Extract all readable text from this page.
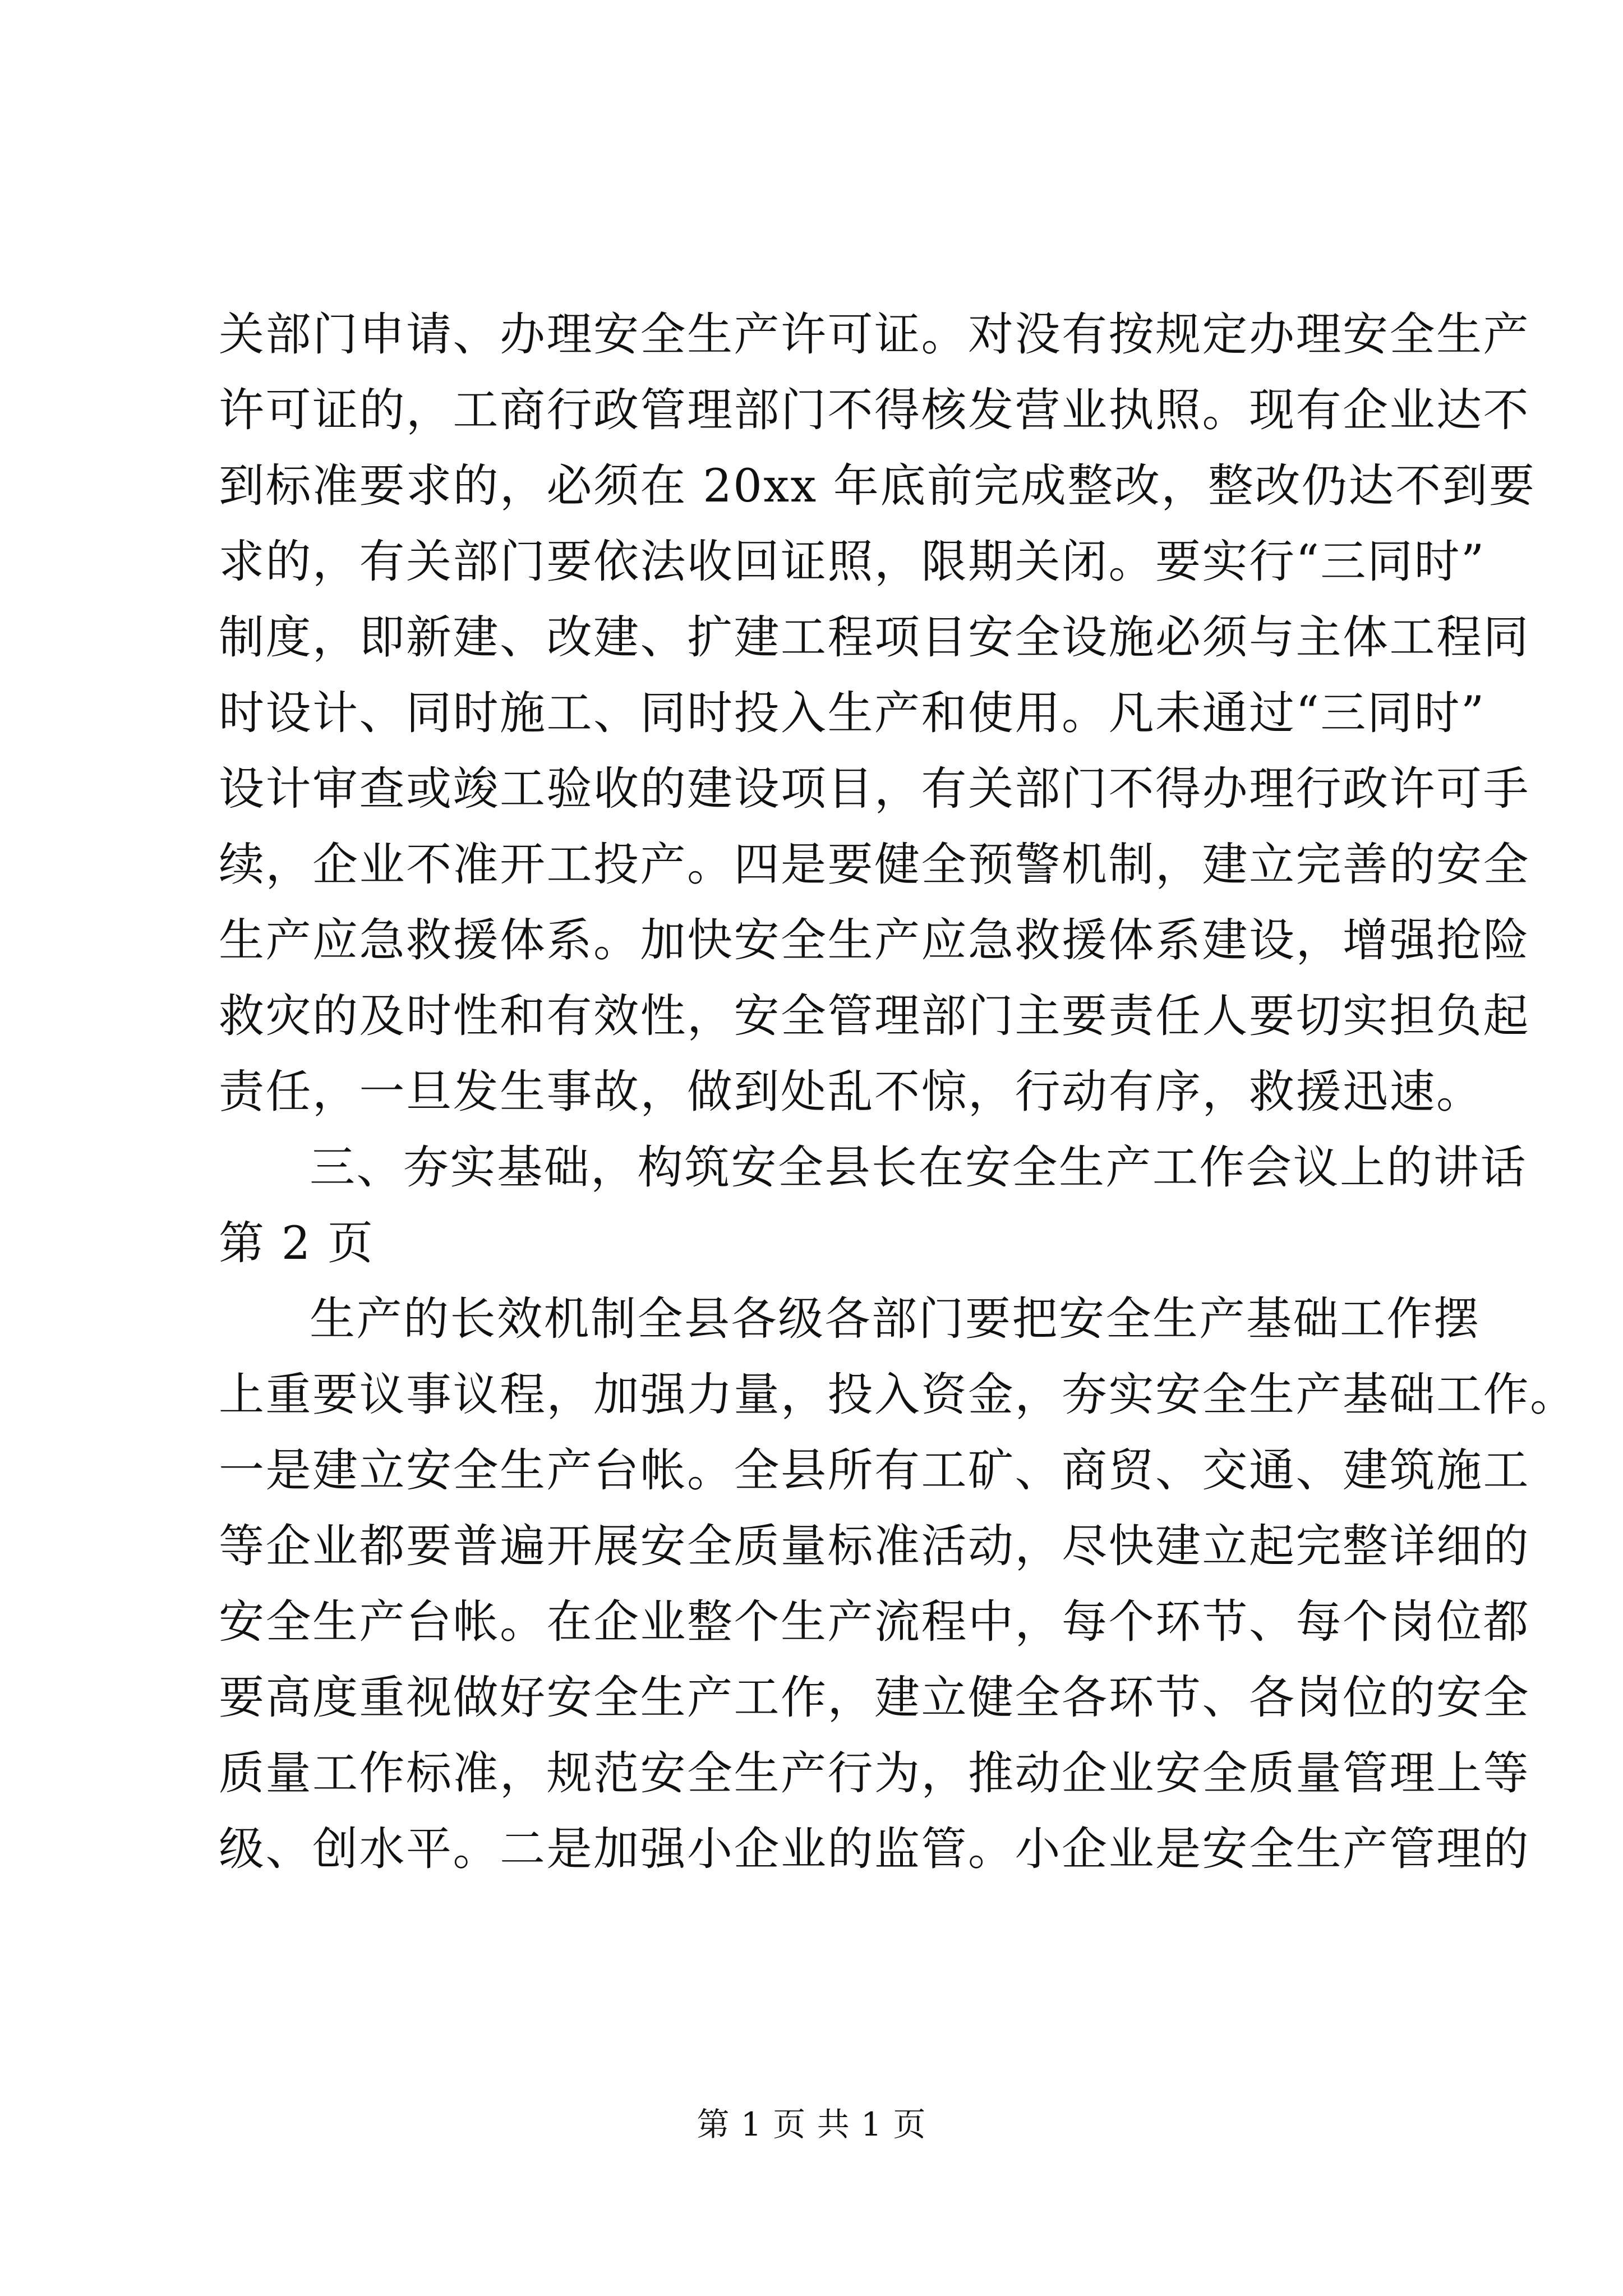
关部门申请、办理安全生产许可证。对没有按规定办理安全生产
许可证的，工商行政管理部门不得核发营业执照。现有企业达不
到标准要求的，必须在 20xx 年底前完成整改，整改仍达不到要
求的，有关部门要依法收回证照，限期关闭。要实行“三同时”
制度，即新建、改建、扩建工程项目安全设施必须与主体工程同
时设计、同时施工、同时投入生产和使用。凡未通过“三同时”
设计审查或竣工验收的建设项目，有关部门不得办理行政许可手
续，企业不准开工投产。四是要健全预警机制，建立完善的安全
生产应急救援体系。加快安全生产应急救援体系建设，增强抢险
救灾的及时性和有效性，安全管理部门主要责任人要切实担负起
责任，一旦发生事故，做到处乱不惊，行动有序，救援迅速。
三、夯实基础，构筑安全县长在安全生产工作会议上的讲话
第 2 页
生产的长效机制全县各级各部门要把安全生产基础工作摆
上重要议事议程，加强力量，投入资金，夯实安全生产基础工作。
一是建立安全生产台帐。全县所有工矿、商贸、交通、建筑施工
等企业都要普遍开展安全质量标准活动，尽快建立起完整详细的
安全生产台帐。在企业整个生产流程中，每个环节、每个岗位都
要高度重视做好安全生产工作，建立健全各环节、各岗位的安全
质量工作标准，规范安全生产行为，推动企业安全质量管理上等
级、创水平。二是加强小企业的监管。小企业是安全生产管理的
第 1 页 共 1 页
